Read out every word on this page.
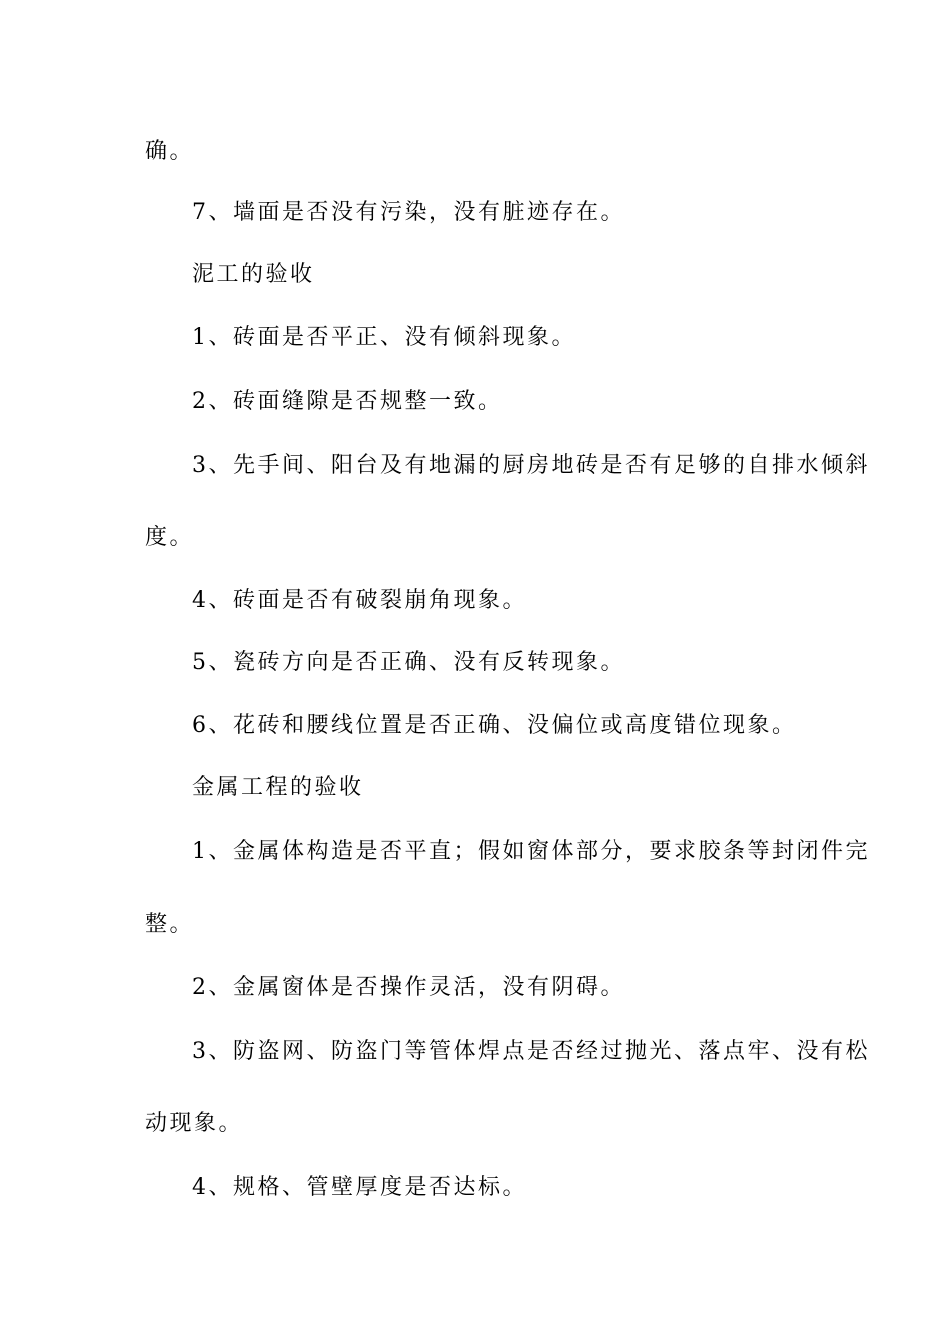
确。
7、墙面是否没有污染，没有脏迹存在。
泥工的验收
1、砖面是否平正、没有倾斜现象。
2、砖面缝隙是否规整一致。
3、先手间、阳台及有地漏的厨房地砖是否有足够的自排水倾斜
度。
4、砖面是否有破裂崩角现象。
5、瓷砖方向是否正确、没有反转现象。
6、花砖和腰线位置是否正确、没偏位或高度错位现象。
金属工程的验收
1、金属体构造是否平直；假如窗体部分，要求胶条等封闭件完
整。
2、金属窗体是否操作灵活，没有阴碍。
3、防盗网、防盗门等管体焊点是否经过抛光、落点牢、没有松
动现象。
4、规格、管壁厚度是否达标。
